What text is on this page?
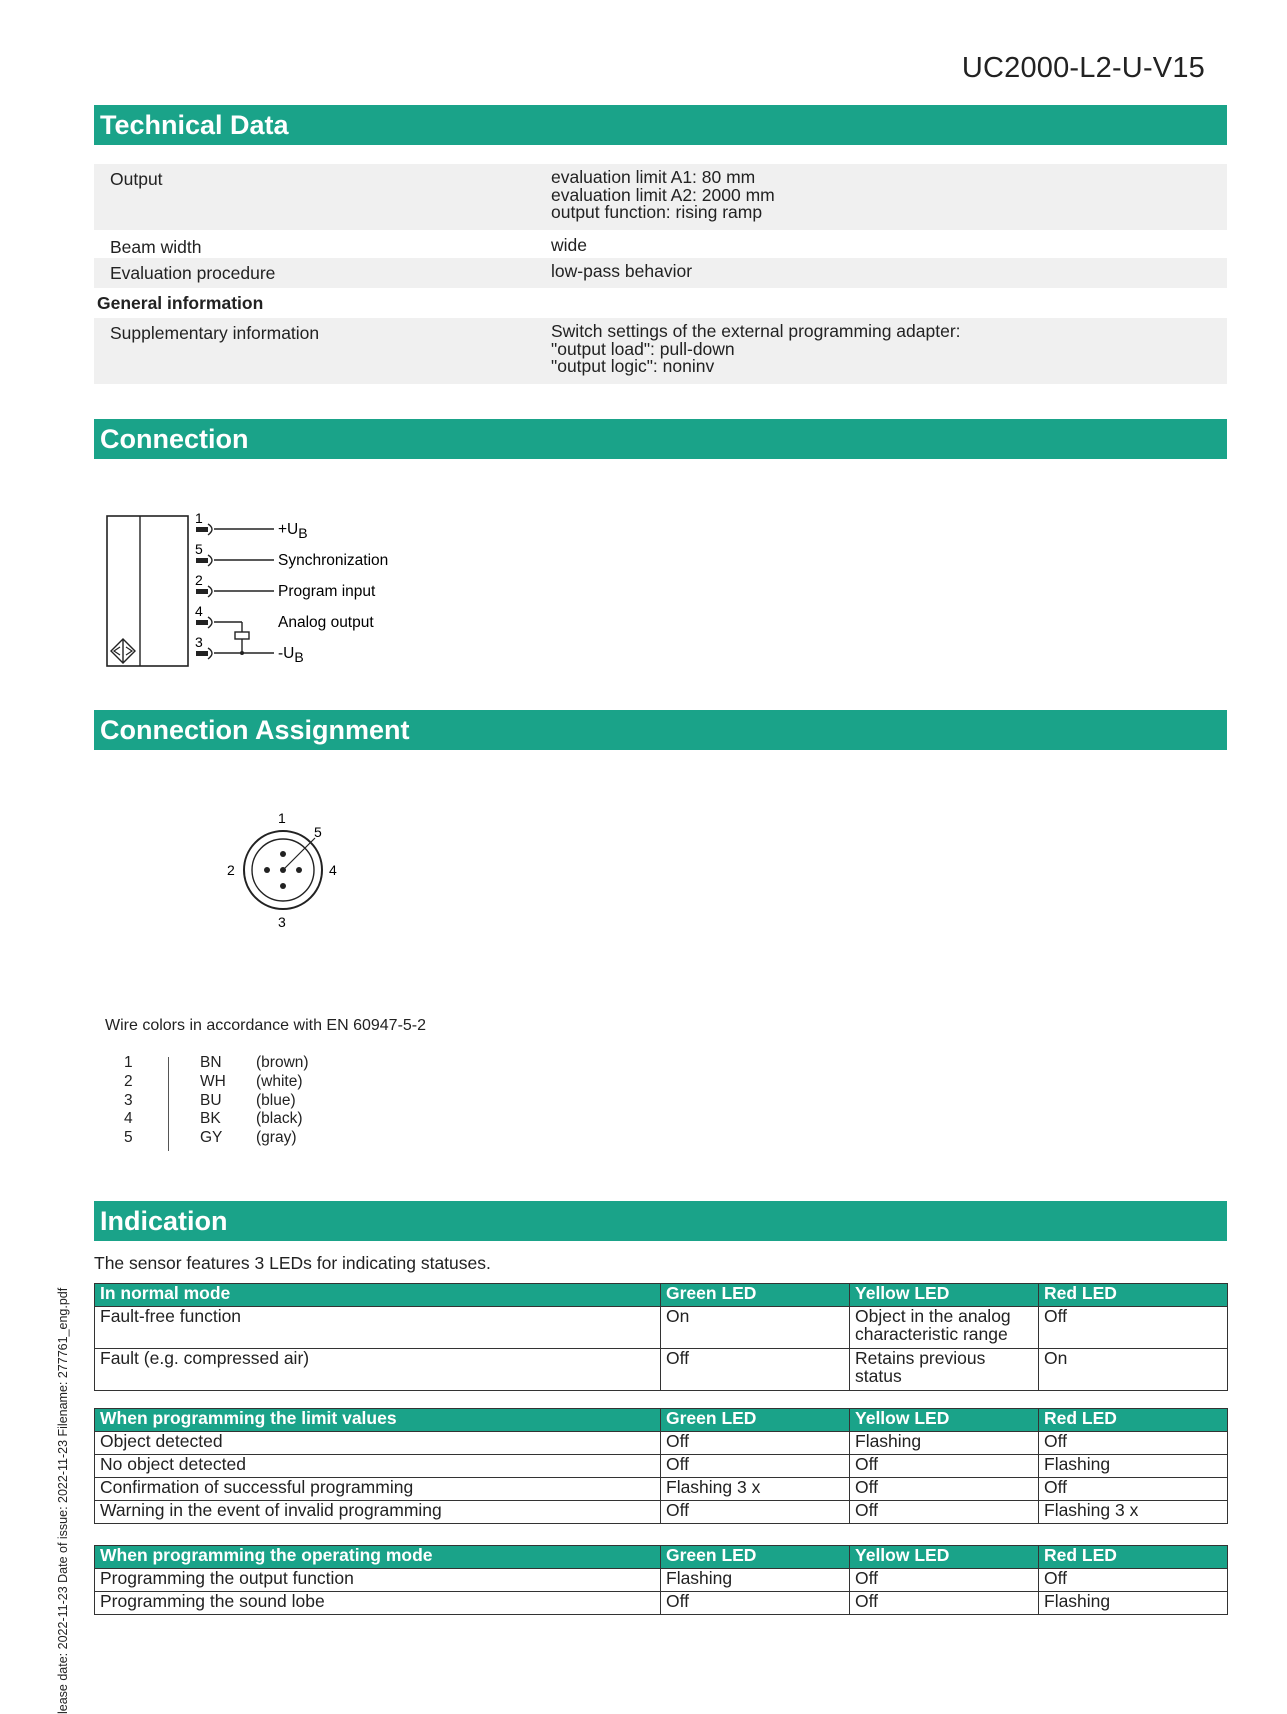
UC2000-L2-U-V15
Technical Data
Output	evaluation limit A1: 80 mm
evaluation limit A2: 2000 mm
output function: rising ramp
Beam width	wide
Evaluation procedure	low-pass behavior
General information
Supplementary information	Switch settings of the external programming adapter:
"output load": pull-down
"output logic": noninv
Connection
1
+UB
5
Synchronization
2
Program input
4
Analog output
3
-UB
Connection Assignment
1
5
2	4
3
Wire colors in accordance with EN 60947-5-2
1	BN (brown)
2	WH (white)
3	BU (blue)
4	BK (black)
5	GY (gray)
Indication
The sensor features 3 LEDs for indicating statuses.
In normal mode	Green LED	Yellow LED	Red LED
Fault-free function	On	Object in the analog characteristic range	Off
Fault (e.g. compressed air)	Off	Retains previous status	On
When programming the limit values	Green LED	Yellow LED	Red LED
Object detected	Off	Flashing	Off
No object detected	Off	Off	Flashing
Confirmation of successful programming	Flashing 3 x	Off	Off
Warning in the event of invalid programming	Off	Off	Flashing 3 x
When programming the operating mode	Green LED	Yellow LED	Red LED
Programming the output function	Flashing	Off	Off
Programming the sound lobe	Off	Off	Flashing
lease date: 2022-11-23 Date of issue: 2022-11-23 Filename: 277761_eng.pdf
